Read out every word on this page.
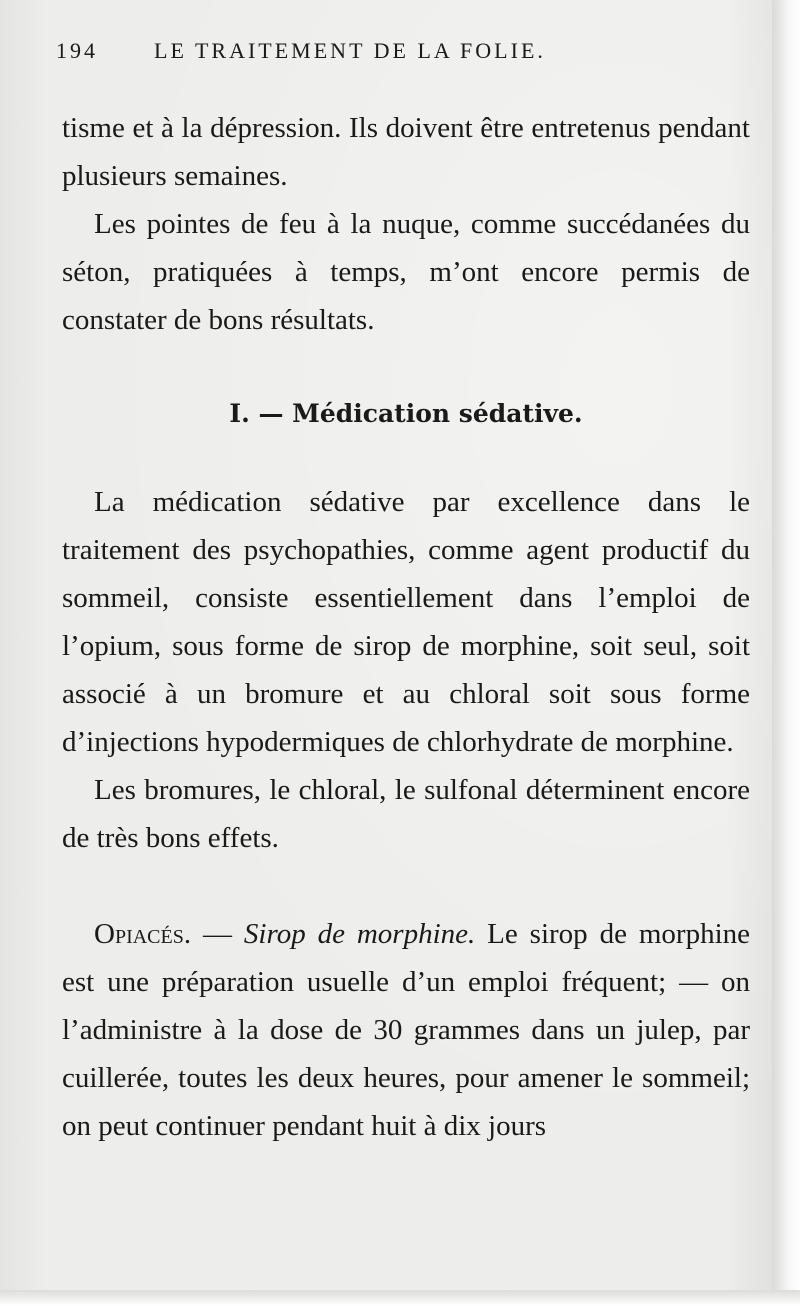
194	LE TRAITEMENT DE LA FOLIE.

tisme et à la dépression. Ils doivent être entretenus pendant plusieurs semaines.

Les pointes de feu à la nuque, comme succédanées du séton, pratiquées à temps, m’ont encore permis de constater de bons résultats.

I. — Médication sédative.

La médication sédative par excellence dans le traitement des psychopathies, comme agent productif du sommeil, consiste essentiellement dans l’emploi de l’opium, sous forme de sirop de morphine, soit seul, soit associé à un bromure et au chloral soit sous forme d’injections hypodermiques de chlorhydrate de morphine.

Les bromures, le chloral, le sulfonal déterminent encore de très bons effets.

Opiacés. — Sirop de morphine. Le sirop de morphine est une préparation usuelle d’un emploi fréquent; — on l’administre à la dose de 30 grammes dans un julep, par cuillerée, toutes les deux heures, pour amener le sommeil; on peut continuer pendant huit à dix jours
